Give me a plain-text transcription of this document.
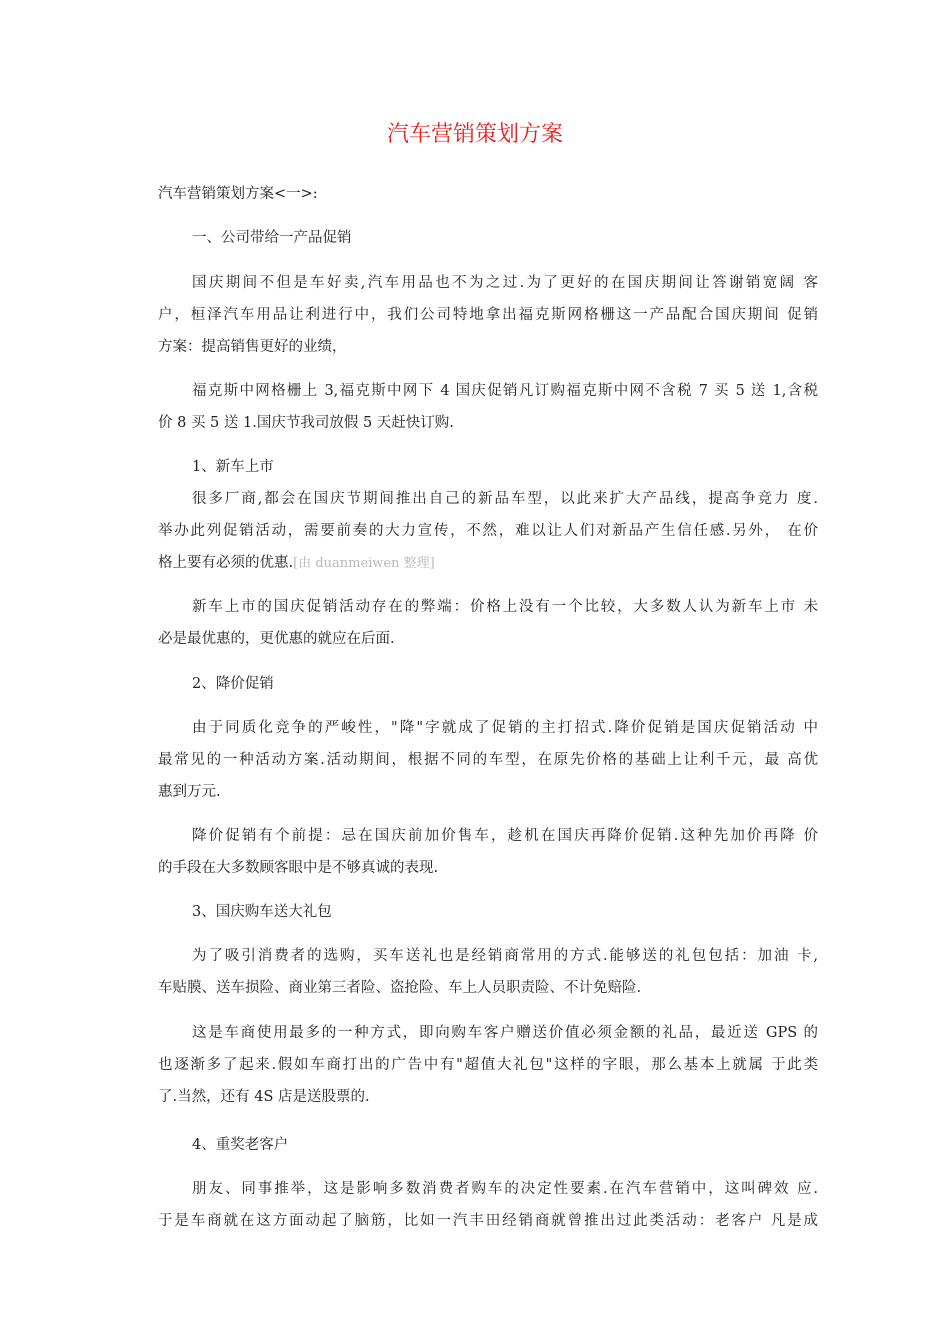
汽车营销策划方案
汽车营销策划方案<一>:
一、公司带给一产品促销
国庆期间不但是车好卖,汽车用品也不为之过.为了更好的在国庆期间让答谢销宽阔 客
户，桓泽汽车用品让利进行中，我们公司特地拿出福克斯网格栅这一产品配合国庆期间 促销
方案：提高销售更好的业绩，
福克斯中网格栅上 3,福克斯中网下 4 国庆促销凡订购福克斯中网不含税 7 买 5 送 1,含税
价 8 买 5 送 1.国庆节我司放假 5 天赶快订购.
1、新车上市
很多厂商,都会在国庆节期间推出自己的新品车型，以此来扩大产品线，提高争竞力 度.
举办此列促销活动，需要前奏的大力宣传，不然，难以让人们对新品产生信任感.另外， 在价
格上要有必须的优惠.[由 duanmeiwen 整理]
新车上市的国庆促销活动存在的弊端：价格上没有一个比较，大多数人认为新车上市 未
必是最优惠的，更优惠的就应在后面.
2、降价促销
由于同质化竞争的严峻性，"降"字就成了促销的主打招式.降价促销是国庆促销活动 中
最常见的一种活动方案.活动期间，根据不同的车型，在原先价格的基础上让利千元，最 高优
惠到万元.
降价促销有个前提：忌在国庆前加价售车，趁机在国庆再降价促销.这种先加价再降 价
的手段在大多数顾客眼中是不够真诚的表现.
3、国庆购车送大礼包
为了吸引消费者的选购，买车送礼也是经销商常用的方式.能够送的礼包包括：加油 卡,
车贴膜、送车损险、商业第三者险、盗抢险、车上人员职责险、不计免赔险.
这是车商使用最多的一种方式，即向购车客户赠送价值必须金额的礼品，最近送 GPS 的
也逐渐多了起来.假如车商打出的广告中有"超值大礼包"这样的字眼，那么基本上就属 于此类
了.当然，还有 4S 店是送股票的.
4、重奖老客户
朋友、同事推举，这是影响多数消费者购车的决定性要素.在汽车营销中，这叫碑效 应.
于是车商就在这方面动起了脑筋，比如一汽丰田经销商就曾推出过此类活动：老客户 凡是成
